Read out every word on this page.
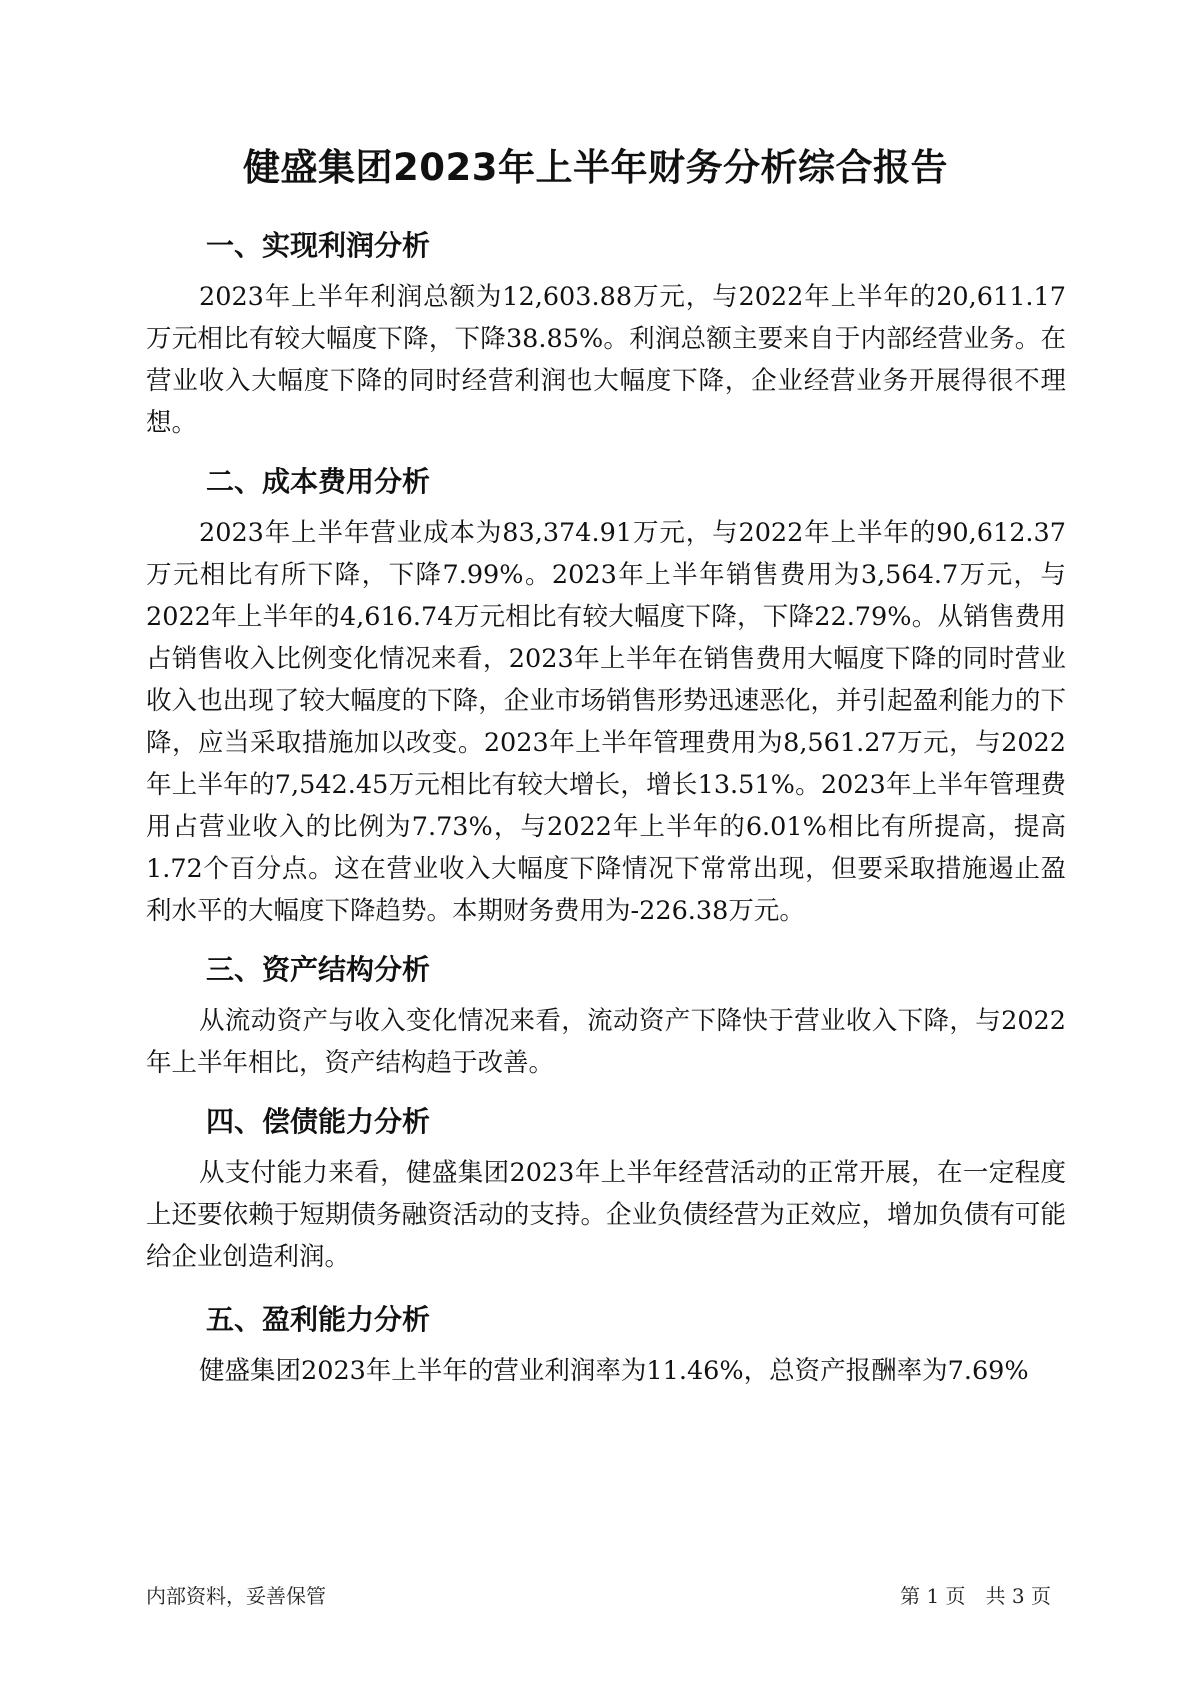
健盛集团2023年上半年财务分析综合报告
一、实现利润分析

2023年上半年利润总额为12,603.88万元，与2022年上半年的20,611.17万元相比有较大幅度下降，下降38.85%。利润总额主要来自于内部经营业务。在营业收入大幅度下降的同时经营利润也大幅度下降，企业经营业务开展得很不理想。

二、成本费用分析

2023年上半年营业成本为83,374.91万元，与2022年上半年的90,612.37万元相比有所下降，下降7.99%。2023年上半年销售费用为3,564.7万元，与2022年上半年的4,616.74万元相比有较大幅度下降，下降22.79%。从销售费用占销售收入比例变化情况来看，2023年上半年在销售费用大幅度下降的同时营业收入也出现了较大幅度的下降，企业市场销售形势迅速恶化，并引起盈利能力的下降，应当采取措施加以改变。2023年上半年管理费用为8,561.27万元，与2022年上半年的7,542.45万元相比有较大增长，增长13.51%。2023年上半年管理费用占营业收入的比例为7.73%，与2022年上半年的6.01%相比有所提高，提高1.72个百分点。这在营业收入大幅度下降情况下常常出现，但要采取措施遏止盈利水平的大幅度下降趋势。本期财务费用为-226.38万元。

三、资产结构分析

从流动资产与收入变化情况来看，流动资产下降快于营业收入下降，与2022年上半年相比，资产结构趋于改善。

四、偿债能力分析

从支付能力来看，健盛集团2023年上半年经营活动的正常开展，在一定程度上还要依赖于短期债务融资活动的支持。企业负债经营为正效应，增加负债有可能给企业创造利润。

五、盈利能力分析

健盛集团2023年上半年的营业利润率为11.46%，总资产报酬率为7.69%

内部资料，妥善保管	第 1 页　共 3 页
